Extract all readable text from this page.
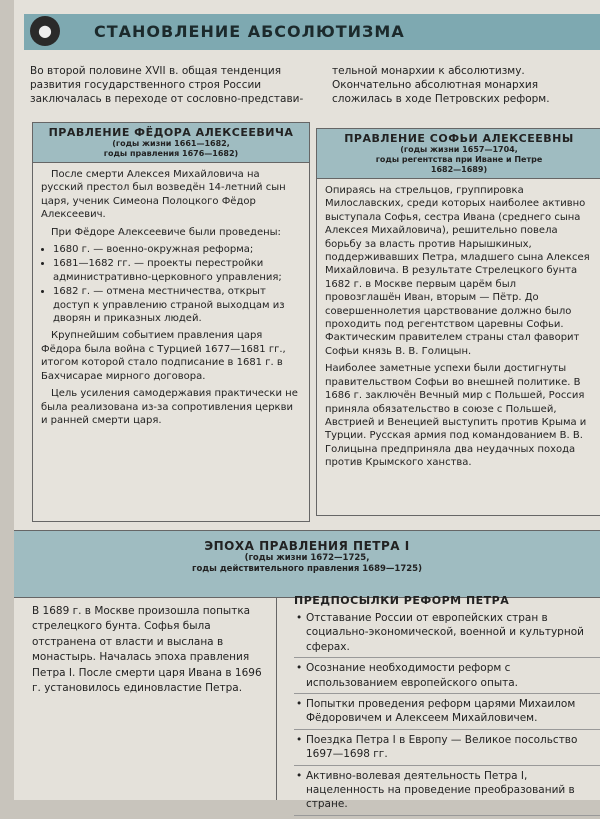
●	СТАНОВЛЕНИЕ АБСОЛЮТИЗМА

Во второй половине XVII в. общая тенденция развития государственного строя России заключалась в переходе от сословно-представи-

тельной монархии к абсолютизму. Окончательно абсолютная монархия сложилась в ходе Петровских реформ.

ПРАВЛЕНИЕ ФЁДОРА АЛЕКСЕЕВИЧА
(годы жизни 1661—1682,
годы правления 1676—1682)

После смерти Алексея Михайловича на русский престол был возведён 14-летний сын царя, ученик Симеона Полоцкого Фёдор Алексеевич.

При Фёдоре Алексеевиче были проведены:

• 1680 г. — военно-окружная реформа;
• 1681—1682 гг. — проекты перестройки административно-церковного управления;
• 1682 г. — отмена местничества, открыт доступ к управлению страной выходцам из дворян и приказных людей.

Крупнейшим событием правления царя Фёдора была война с Турцией 1677—1681 гг., итогом которой стало подписание в 1681 г. в Бахчисарае мирного договора.

Цель усиления самодержавия практически не была реализована из-за сопротивления церкви и ранней смерти царя.

ПРАВЛЕНИЕ СОФЬИ АЛЕКСЕЕВНЫ
(годы жизни 1657—1704,
годы регентства при Иване и Петре
1682—1689)

Опираясь на стрельцов, группировка Милославских, среди которых наиболее активно выступала Софья, сестра Ивана (среднего сына Алексея Михайловича), решительно повела борьбу за власть против Нарышкиных, поддерживавших Петра, младшего сына Алексея Михайловича. В результате Стрелецкого бунта 1682 г. в Москве первым царём был провозглашён Иван, вторым — Пётр. До совершеннолетия царствование должно было проходить под регентством царевны Софьи. Фактическим правителем страны стал фаворит Софьи князь В. В. Голицын.

Наиболее заметные успехи были достигнуты правительством Софьи во внешней политике. В 1686 г. заключён Вечный мир с Польшей, Россия приняла обязательство в союзе с Польшей, Австрией и Венецией выступить против Крыма и Турции. Русская армия под командованием В. В. Голицына предприняла два неудачных похода против Крымского ханства.

ЭПОХА ПРАВЛЕНИЯ ПЕТРА I
(годы жизни 1672—1725,
годы действительного правления 1689—1725)

В 1689 г. в Москве произошла попытка стрелецкого бунта. Софья была отстранена от власти и выслана в монастырь. Началась эпоха правления Петра I. После смерти царя Ивана в 1696 г. установилось единовластие Петра.

ПРЕДПОСЫЛКИ РЕФОРМ ПЕТРА
• Отставание России от европейских стран в социально-экономической, военной и культурной сферах.
• Осознание необходимости реформ с использованием европейского опыта.
• Попытки проведения реформ царями Михаилом Фёдоровичем и Алексеем Михайловичем.
• Поездка Петра I в Европу — Великое посольство 1697—1698 гг.
• Активно-волевая деятельность Петра I, нацеленность на проведение преобразований в стране.
